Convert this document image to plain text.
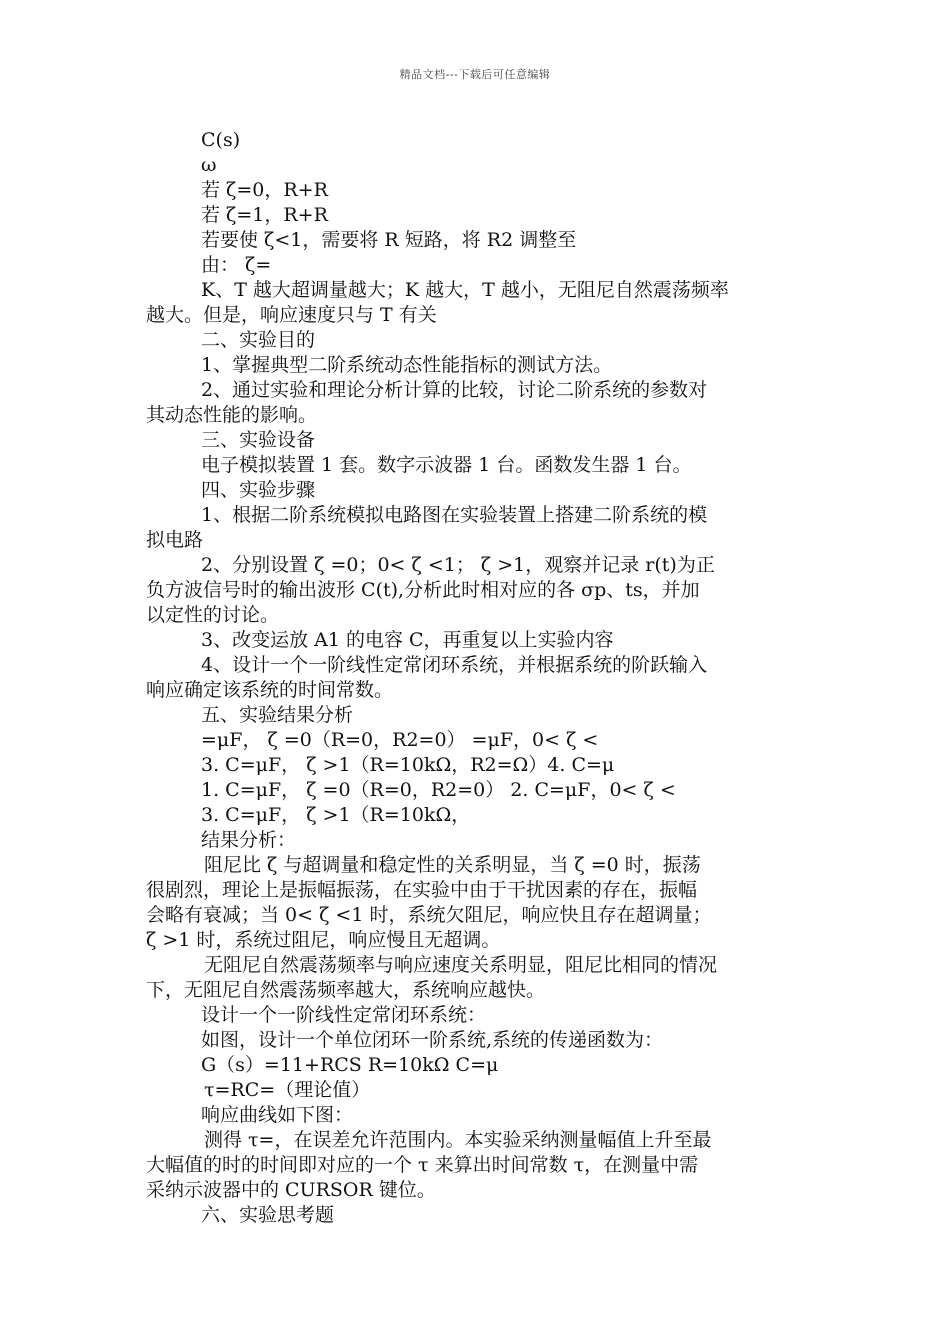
精品文档---下载后可任意编辑
C(s)
ω
若 ζ=0，R+R
若 ζ=1，R+R
若要使 ζ<1，需要将 R 短路，将 R2 调整至
由： ζ=
K、T 越大超调量越大；K 越大，T 越小，无阻尼自然震荡频率
越大。但是，响应速度只与 T 有关
二、实验目的
1、掌握典型二阶系统动态性能指标的测试方法。
2、通过实验和理论分析计算的比较，讨论二阶系统的参数对
其动态性能的影响。
三、实验设备
电子模拟装置 1 套。数字示波器 1 台。函数发生器 1 台。
四、实验步骤
1、根据二阶系统模拟电路图在实验装置上搭建二阶系统的模
拟电路
2、分别设置 ζ =0；0< ζ <1； ζ >1，观察并记录 r(t)为正
负方波信号时的输出波形 C(t),分析此时相对应的各 σp、ts，并加
以定性的讨论。
3、改变运放 A1 的电容 C，再重复以上实验内容
4、设计一个一阶线性定常闭环系统，并根据系统的阶跃输入
响应确定该系统的时间常数。
五、实验结果分析
=μF， ζ =0（R=0，R2=0） =μF，0< ζ <
3. C=μF， ζ >1（R=10kΩ，R2=Ω）4. C=μ
1. C=μF， ζ =0（R=0，R2=0） 2. C=μF，0< ζ <
3. C=μF， ζ >1（R=10kΩ，
结果分析：
阻尼比 ζ 与超调量和稳定性的关系明显，当 ζ =0 时，振荡
很剧烈，理论上是振幅振荡，在实验中由于干扰因素的存在，振幅
会略有衰减；当 0< ζ <1 时，系统欠阻尼，响应快且存在超调量；
ζ >1 时，系统过阻尼，响应慢且无超调。
无阻尼自然震荡频率与响应速度关系明显，阻尼比相同的情况
下，无阻尼自然震荡频率越大，系统响应越快。
设计一个一阶线性定常闭环系统：
如图，设计一个单位闭环一阶系统,系统的传递函数为：
G（s）=11+RCS R=10kΩ C=μ
τ=RC=（理论值）
响应曲线如下图：
测得 τ=，在误差允许范围内。本实验采纳测量幅值上升至最
大幅值的时的时间即对应的一个 τ 来算出时间常数 τ，在测量中需
采纳示波器中的 CURSOR 键位。
六、实验思考题
